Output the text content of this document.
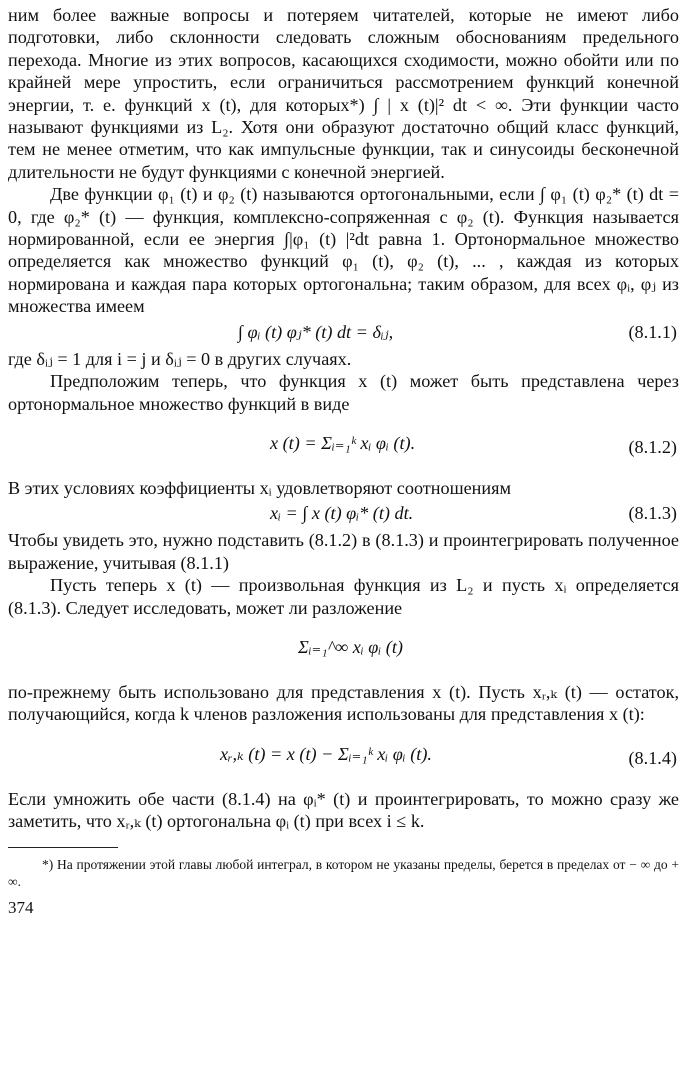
ним более важные вопросы и потеряем читателей, которые не имеют либо подготовки, либо склонности следовать сложным обоснованиям предельного перехода. Многие из этих вопросов, касающихся сходимости, можно обойти или по крайней мере упростить, если ограничиться рассмотрением функций конечной энергии, т. е. функций x (t), для которых*) ∫ | x (t)|² dt < ∞. Эти функции часто называют функциями из L₂. Хотя они образуют достаточно общий класс функций, тем не менее отметим, что как импульсные функции, так и синусоиды бесконечной длительности не будут функциями с конечной энергией.

Две функции φ₁ (t) и φ₂ (t) называются ортогональными, если ∫ φ₁ (t) φ₂* (t) dt = 0, где φ₂* (t) — функция, комплексно-сопряженная с φ₂ (t). Функция называется нормированной, если ее энергия ∫|φ₁ (t) |²dt равна 1. Ортонормальное множество определяется как множество функций φ₁ (t), φ₂ (t), ... , каждая из которых нормирована и каждая пара которых ортогональна; таким образом, для всех φᵢ, φⱼ из множества имеем

∫ φᵢ (t) φⱼ* (t) dt = δᵢⱼ,	(8.1.1)

где δᵢⱼ = 1 для i = j и δᵢⱼ = 0 в других случаях.

Предположим теперь, что функция x (t) может быть представлена через ортонормальное множество функций в виде

x (t) = Σᵢ₌₁ᵏ xᵢ φᵢ (t).	(8.1.2)

В этих условиях коэффициенты xᵢ удовлетворяют соотношениям

xᵢ = ∫ x (t) φᵢ* (t) dt.	(8.1.3)

Чтобы увидеть это, нужно подставить (8.1.2) в (8.1.3) и проинтегрировать полученное выражение, учитывая (8.1.1)

Пусть теперь x (t) — произвольная функция из L₂ и пусть xᵢ определяется (8.1.3). Следует исследовать, может ли разложение

Σᵢ₌₁^∞ xᵢ φᵢ (t)

по-прежнему быть использовано для представления x (t). Пусть xᵣ,ₖ (t) — остаток, получающийся, когда k членов разложения использованы для представления x (t):

xᵣ,ₖ (t) = x (t) − Σᵢ₌₁ᵏ xᵢ φᵢ (t).	(8.1.4)

Если умножить обе части (8.1.4) на φᵢ* (t) и проинтегрировать, то можно сразу же заметить, что xᵣ,ₖ (t) ортогональна φᵢ (t) при всех i ≤ k.

*) На протяжении этой главы любой интеграл, в котором не указаны пределы, берется в пределах от − ∞ до + ∞.

374
